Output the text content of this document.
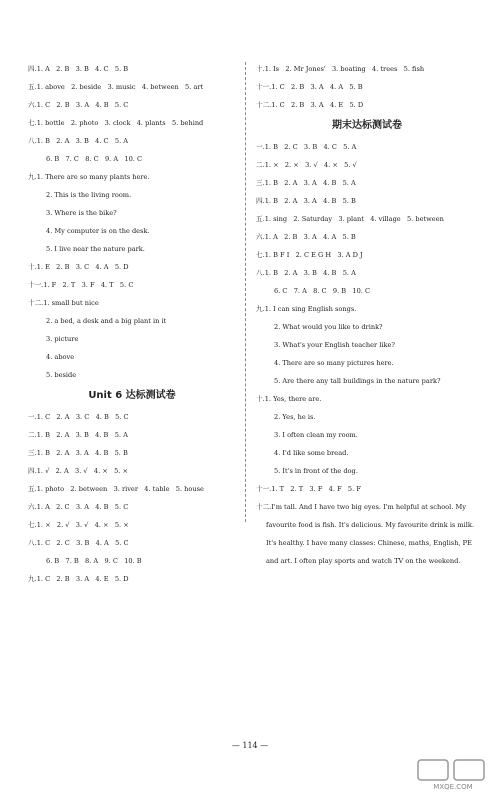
四.1. A   2. B   3. B   4. C   5. B
五.1. above   2. beside   3. music   4. between   5. art
六.1. C   2. B   3. A   4. B   5. C
七.1. bottle   2. photo   3. clock   4. plants   5. behind
八.1. B   2. A   3. B   4. C   5. A
6. B   7. C   8. C   9. A   10. C
九.1. There are so many plants here.
2. This is the living room.
3. Where is the bike?
4. My computer is on the desk.
5. I live near the nature park.
十.1. E   2. B   3. C   4. A   5. D
十一.1. F   2. T   3. F   4. T   5. C
十二.1. small but nice
2. a bed, a desk and a big plant in it
3. picture
4. above
5. beside
Unit 6 达标测试卷
一.1. C   2. A   3. C   4. B   5. C
二.1. B   2. A   3. B   4. B   5. A
三.1. B   2. A   3. A   4. B   5. B
四.1. √   2. A   3. √   4. ×   5. ×
五.1. photo   2. between   3. river   4. table   5. house
六.1. A   2. C   3. A   4. B   5. C
七.1. ×   2. √   3. √   4. ×   5. ×
八.1. C   2. C   3. B   4. A   5. C
6. B   7. B   8. A   9. C   10. B
九.1. C   2. B   3. A   4. E   5. D
十.1. Is   2. Mr Jones'   3. boating   4. trees   5. fish
十一.1. C   2. B   3. A   4. A   5. B
十二.1. C   2. B   3. A   4. E   5. D
期末达标测试卷
一.1. B   2. C   3. B   4. C   5. A
二.1. ×   2. ×   3. √   4. ×   5. √
三.1. B   2. A   3. A   4. B   5. A
四.1. B   2. A   3. A   4. B   5. B
五.1. sing   2. Saturday   3. plant   4. village   5. between
六.1. A   2. B   3. A   4. A   5. B
七.1. B F I   2. C E G H   3. A D J
八.1. B   2. A   3. B   4. B   5. A
6. C   7. A   8. C   9. B   10. C
九.1. I can sing English songs.
2. What would you like to drink?
3. What's your English teacher like?
4. There are so many pictures here.
5. Are there any tall buildings in the nature park?
十.1. Yes, there are.
2. Yes, he is.
3. I often clean my room.
4. I'd like some bread.
5. It's in front of the dog.
十一.1. T   2. T   3. F   4. F   5. F
十二.I'm tall. And I have two big eyes. I'm helpful at school. My

favourite food is fish. It's delicious. My favourite drink is milk. It's healthy. I have many classes: Chinese, maths, English, PE and art. I often play sports and watch TV on the weekend.

— 114 —
MXQE.COM
